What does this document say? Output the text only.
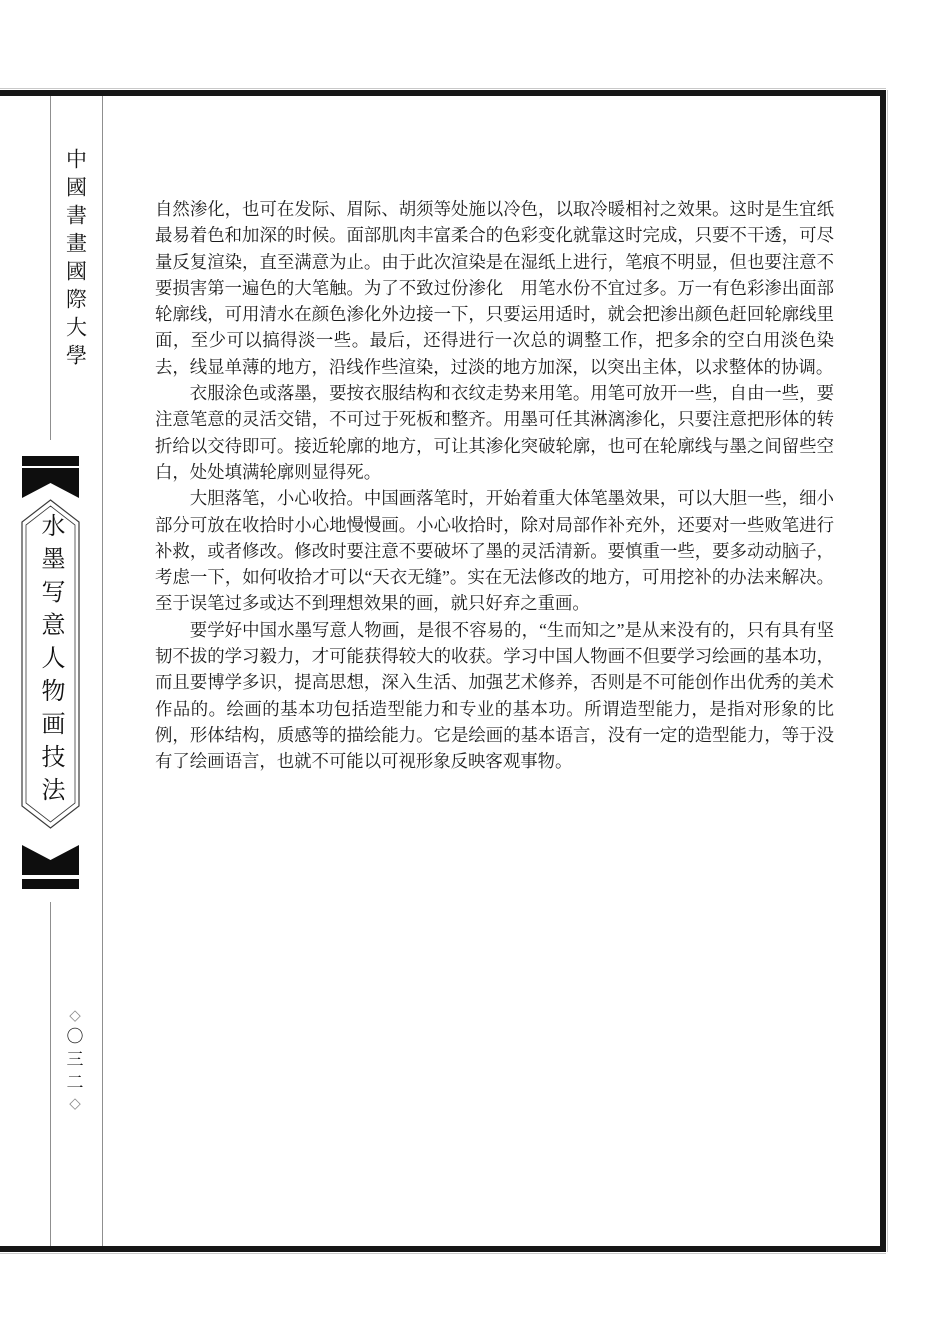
中國書畫國際大學
水墨写意人物画技法
◇
〇
三
二
◇

自然渗化，也可在发际、眉际、胡须等处施以冷色，以取冷暖相衬之效果。这时是生宜纸最易着色和加深的时候。面部肌肉丰富柔合的色彩变化就靠这时完成，只要不干透，可尽量反复渲染，直至满意为止。由于此次渲染是在湿纸上进行，笔痕不明显，但也要注意不要损害第一遍色的大笔触。为了不致过份渗化　用笔水份不宜过多。万一有色彩渗出面部轮廓线，可用清水在颜色渗化外边接一下，只要运用适时，就会把渗出颜色赶回轮廓线里面，至少可以搞得淡一些。最后，还得进行一次总的调整工作，把多余的空白用淡色染去，线显单薄的地方，沿线作些渲染，过淡的地方加深，以突出主体，以求整体的协调。

衣服涂色或落墨，要按衣服结构和衣纹走势来用笔。用笔可放开一些，自由一些，要注意笔意的灵活交错，不可过于死板和整齐。用墨可任其淋漓渗化，只要注意把形体的转折给以交待即可。接近轮廓的地方，可让其渗化突破轮廓，也可在轮廓线与墨之间留些空白，处处填满轮廓则显得死。

大胆落笔，小心收拾。中国画落笔时，开始着重大体笔墨效果，可以大胆一些，细小部分可放在收拾时小心地慢慢画。小心收拾时，除对局部作补充外，还要对一些败笔进行补救，或者修改。修改时要注意不要破坏了墨的灵活清新。要慎重一些，要多动动脑子，考虑一下，如何收拾才可以“天衣无缝”。实在无法修改的地方，可用挖补的办法来解决。至于误笔过多或达不到理想效果的画，就只好弃之重画。

要学好中国水墨写意人物画，是很不容易的，“生而知之”是从来没有的，只有具有坚韧不拔的学习毅力，才可能获得较大的收获。学习中国人物画不但要学习绘画的基本功，而且要博学多识，提高思想，深入生活、加强艺术修养，否则是不可能创作出优秀的美术作品的。绘画的基本功包括造型能力和专业的基本功。所谓造型能力，是指对形象的比例，形体结构，质感等的描绘能力。它是绘画的基本语言，没有一定的造型能力，等于没有了绘画语言，也就不可能以可视形象反映客观事物。
